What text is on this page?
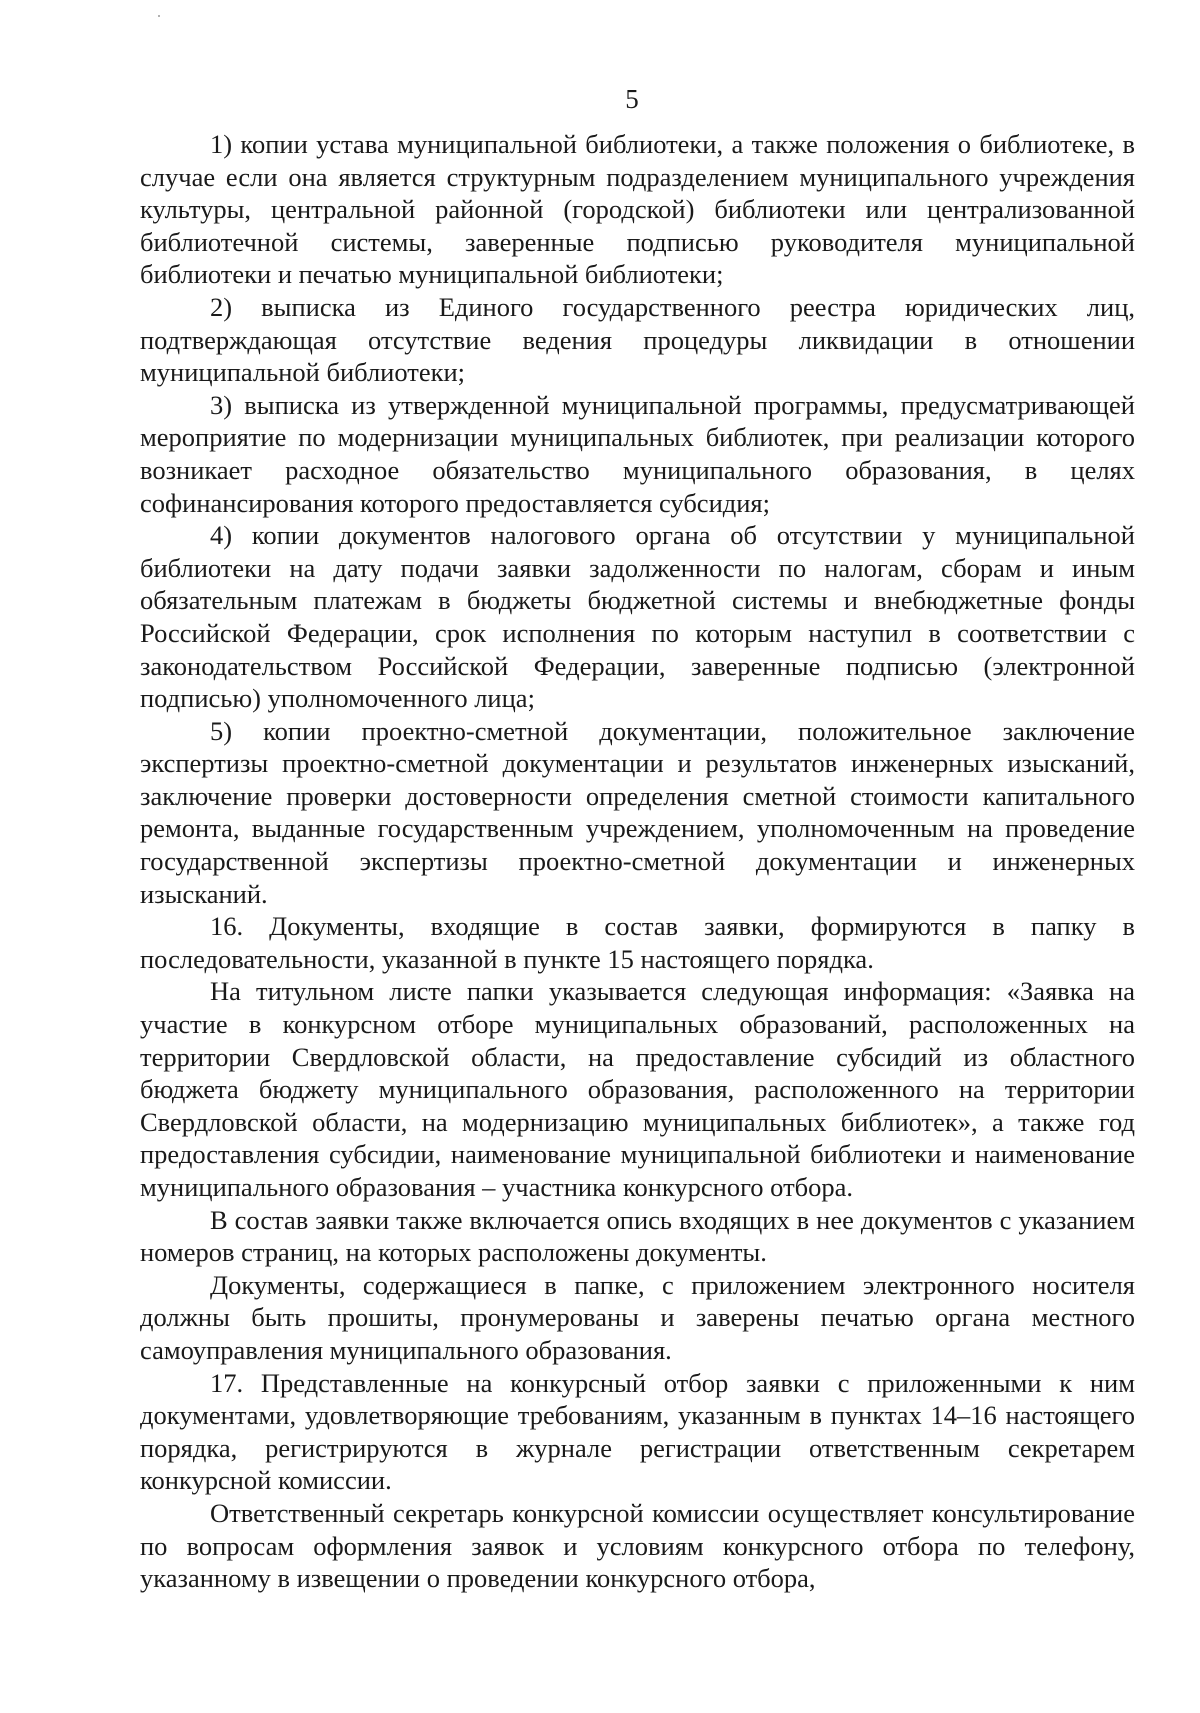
5

1) копии устава муниципальной библиотеки, а также положения о библиотеке, в случае если она является структурным подразделением муниципального учреждения культуры, центральной районной (городской) библиотеки или централизованной библиотечной системы, заверенные подписью руководителя муниципальной библиотеки и печатью муниципальной библиотеки;

2) выписка из Единого государственного реестра юридических лиц, подтверждающая отсутствие ведения процедуры ликвидации в отношении муниципальной библиотеки;

3) выписка из утвержденной муниципальной программы, предусматривающей мероприятие по модернизации муниципальных библиотек, при реализации которого возникает расходное обязательство муниципального образования, в целях софинансирования которого предоставляется субсидия;

4) копии документов налогового органа об отсутствии у муниципальной библиотеки на дату подачи заявки задолженности по налогам, сборам и иным обязательным платежам в бюджеты бюджетной системы и внебюджетные фонды Российской Федерации, срок исполнения по которым наступил в соответствии с законодательством Российской Федерации, заверенные подписью (электронной подписью) уполномоченного лица;

5) копии проектно-сметной документации, положительное заключение экспертизы проектно-сметной документации и результатов инженерных изысканий, заключение проверки достоверности определения сметной стоимости капитального ремонта, выданные государственным учреждением, уполномоченным на проведение государственной экспертизы проектно-сметной документации и инженерных изысканий.

16. Документы, входящие в состав заявки, формируются в папку в последовательности, указанной в пункте 15 настоящего порядка.

На титульном листе папки указывается следующая информация: «Заявка на участие в конкурсном отборе муниципальных образований, расположенных на территории Свердловской области, на предоставление субсидий из областного бюджета бюджету муниципального образования, расположенного на территории Свердловской области, на модернизацию муниципальных библиотек», а также год предоставления субсидии, наименование муниципальной библиотеки и наименование муниципального образования – участника конкурсного отбора.

В состав заявки также включается опись входящих в нее документов с указанием номеров страниц, на которых расположены документы.

Документы, содержащиеся в папке, с приложением электронного носителя должны быть прошиты, пронумерованы и заверены печатью органа местного самоуправления муниципального образования.

17. Представленные на конкурсный отбор заявки с приложенными к ним документами, удовлетворяющие требованиям, указанным в пунктах 14–16 настоящего порядка, регистрируются в журнале регистрации ответственным секретарем конкурсной комиссии.

Ответственный секретарь конкурсной комиссии осуществляет консультирование по вопросам оформления заявок и условиям конкурсного отбора по телефону, указанному в извещении о проведении конкурсного отбора,
